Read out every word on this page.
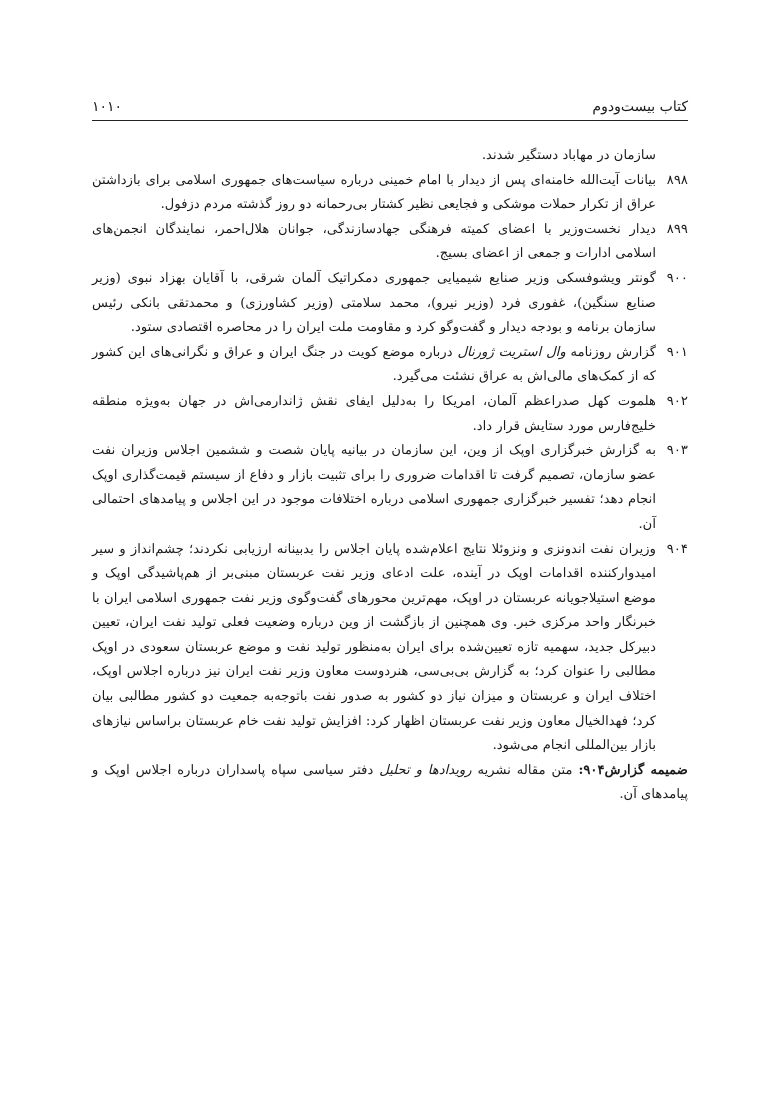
کتاب بیست‌ودوم
۱۰۱۰
سازمان در مهاباد دستگیر شدند.
۸۹۸
بیانات آیت‌الله خامنه‌ای پس از دیدار با امام خمینی درباره سیاست‌های جمهوری اسلامی برای بازداشتن عراق از تکرار حملات موشکی و فجایعی نظیر کشتار بی‌رحمانه دو روز گذشته مردم دزفول.
۸۹۹
دیدار نخست‌وزیر با اعضای کمیته فرهنگی جهادسازندگی، جوانان هلال‌احمر، نمایندگان انجمن‌های اسلامی ادارات و جمعی از اعضای بسیج.
۹۰۰
گونتر ویشوفسکی وزیر صنایع شیمیایی جمهوری دمکراتیک آلمان شرقی، با آقایان بهزاد نبوی (وزیر صنایع سنگین)، غفوری فرد (وزیر نیرو)، محمد سلامتی (وزیر کشاورزی) و محمدتقی بانکی رئیس سازمان برنامه و بودجه دیدار و گفت‌وگو کرد و مقاومت ملت ایران را در محاصره اقتصادی ستود.
۹۰۱
گزارش روزنامه وال استریت ژورنال درباره موضع کویت در جنگ ایران و عراق و نگرانی‌های این کشور که از کمک‌های مالی‌اش به عراق نشئت می‌گیرد.
۹۰۲
هلموت کهل صدراعظم آلمان، امریکا را به‌دلیل ایفای نقش ژاندارمی‌اش در جهان به‌ویژه منطقه خلیج‌فارس مورد ستایش قرار داد.
۹۰۳
به گزارش خبرگزاری اوپک از وین، این سازمان در بیانیه پایان شصت و ششمین اجلاس وزیران نفت عضو سازمان، تصمیم گرفت تا اقدامات ضروری را برای تثبیت بازار و دفاع از سیستم قیمت‌گذاری اوپک انجام دهد؛ تفسیر خبرگزاری جمهوری اسلامی درباره اختلافات موجود در این اجلاس و پیامدهای احتمالی آن.
۹۰۴
وزیران نفت اندونزی و ونزوئلا نتایج اعلام‌شده پایان اجلاس را بدبینانه ارزیابی نکردند؛ چشم‌انداز و سیر امیدوارکننده اقدامات اوپک در آینده، علت ادعای وزیر نفت عربستان مبنی‌بر از هم‌پاشیدگی اوپک و موضع استیلاجویانه عربستان در اوپک، مهم‌ترین محورهای گفت‌وگوی وزیر نفت جمهوری اسلامی ایران با خبرنگار واحد مرکزی خبر. وی همچنین از بازگشت از وین درباره وضعیت فعلی تولید نفت ایران، تعیین دبیرکل جدید، سهمیه تازه تعیین‌شده برای ایران به‌منظور تولید نفت و موضع عربستان سعودی در اوپک مطالبی را عنوان کرد؛ به گزارش بی‌بی‌سی، هنردوست معاون وزیر نفت ایران نیز درباره اجلاس اوپک، اختلاف ایران و عربستان و میزان نیاز دو کشور به صدور نفت باتوجه‌به جمعیت دو کشور مطالبی بیان کرد؛ فهدالخیال معاون وزیر نفت عربستان اظهار کرد: افزایش تولید نفت خام عربستان براساس نیازهای بازار بین‌المللی انجام می‌شود.
ضمیمه گزارش۹۰۴: متن مقاله نشریه رویدادها و تحلیل دفتر سیاسی سپاه پاسداران درباره اجلاس اوپک و پیامدهای آن.
